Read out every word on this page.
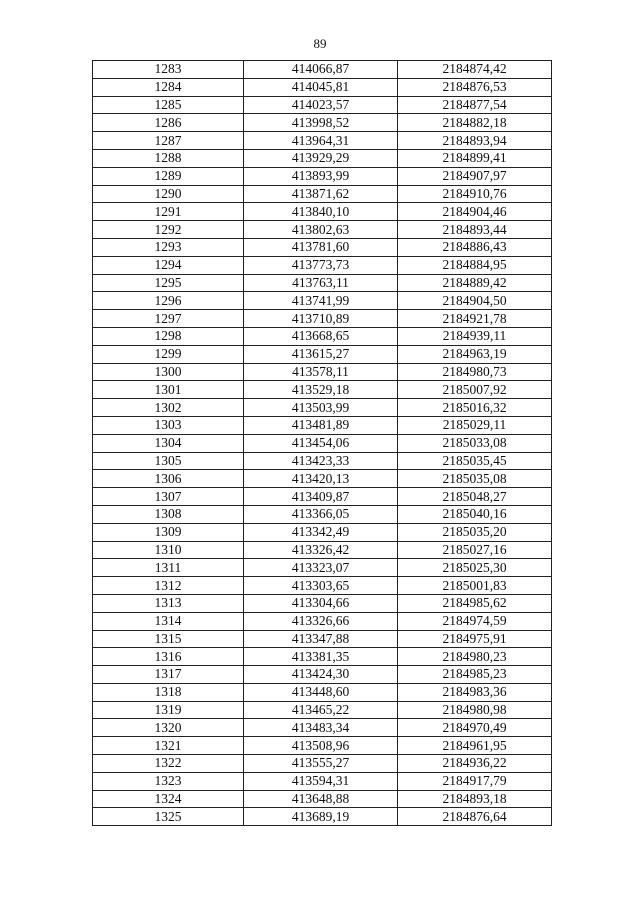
89
1283	414066,87	2184874,42
1284	414045,81	2184876,53
1285	414023,57	2184877,54
1286	413998,52	2184882,18
1287	413964,31	2184893,94
1288	413929,29	2184899,41
1289	413893,99	2184907,97
1290	413871,62	2184910,76
1291	413840,10	2184904,46
1292	413802,63	2184893,44
1293	413781,60	2184886,43
1294	413773,73	2184884,95
1295	413763,11	2184889,42
1296	413741,99	2184904,50
1297	413710,89	2184921,78
1298	413668,65	2184939,11
1299	413615,27	2184963,19
1300	413578,11	2184980,73
1301	413529,18	2185007,92
1302	413503,99	2185016,32
1303	413481,89	2185029,11
1304	413454,06	2185033,08
1305	413423,33	2185035,45
1306	413420,13	2185035,08
1307	413409,87	2185048,27
1308	413366,05	2185040,16
1309	413342,49	2185035,20
1310	413326,42	2185027,16
1311	413323,07	2185025,30
1312	413303,65	2185001,83
1313	413304,66	2184985,62
1314	413326,66	2184974,59
1315	413347,88	2184975,91
1316	413381,35	2184980,23
1317	413424,30	2184985,23
1318	413448,60	2184983,36
1319	413465,22	2184980,98
1320	413483,34	2184970,49
1321	413508,96	2184961,95
1322	413555,27	2184936,22
1323	413594,31	2184917,79
1324	413648,88	2184893,18
1325	413689,19	2184876,64
